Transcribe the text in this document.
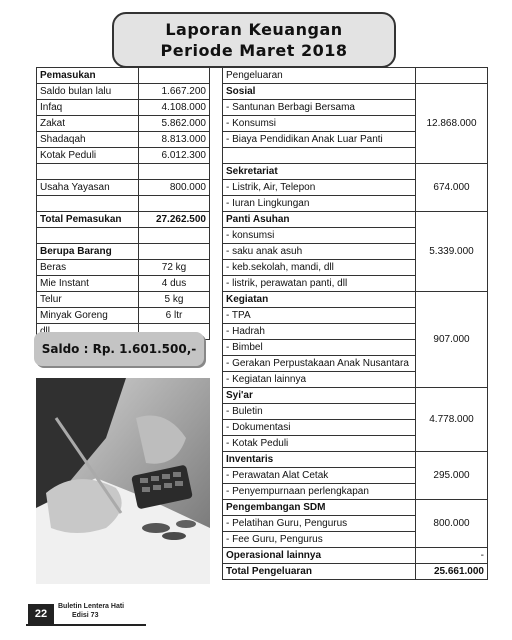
Laporan Keuangan
Periode Maret 2018
Pemasukan	
Saldo bulan lalu	1.667.200
Infaq	4.108.000
Zakat	5.862.000
Shadaqah	8.813.000
Kotak Peduli	6.012.300

Usaha Yayasan	800.000

Total Pemasukan	27.262.500

Berupa Barang	
Beras	72 kg
Mie Instant	4 dus
Telur	5 kg
Minyak Goreng	6 ltr

Saldo : Rp. 1.601.500,-
Pengeluaran	
Sosial	12.868.000
- Santunan Berbagi Bersama	
- Konsumsi	
- Biaya Pendidikan Anak Luar Panti	

Sekretariat	674.000
- Listrik, Air, Telepon	
- Iuran Lingkungan	
Panti Asuhan	5.339.000
- konsumsi	
- saku anak asuh	
- keb.sekolah, mandi, dll	
- listrik, perawatan panti, dll	
Kegiatan	907.000
- TPA	
- Hadrah	
- Bimbel	
- Gerakan Perpustakaan Anak Nusantara	
- Kegiatan lainnya	
Syi'ar	4.778.000
- Buletin	
- Dokumentasi	
- Kotak Peduli	
Inventaris	295.000
- Perawatan Alat Cetak	
- Penyempurnaan perlengkapan	
Pengembangan SDM	800.000
- Pelatihan Guru, Pengurus	
- Fee Guru, Pengurus	
Operasional lainnya	-
Total Pengeluaran	25.661.000
22
Buletin Lentera Hati
Edisi 73
